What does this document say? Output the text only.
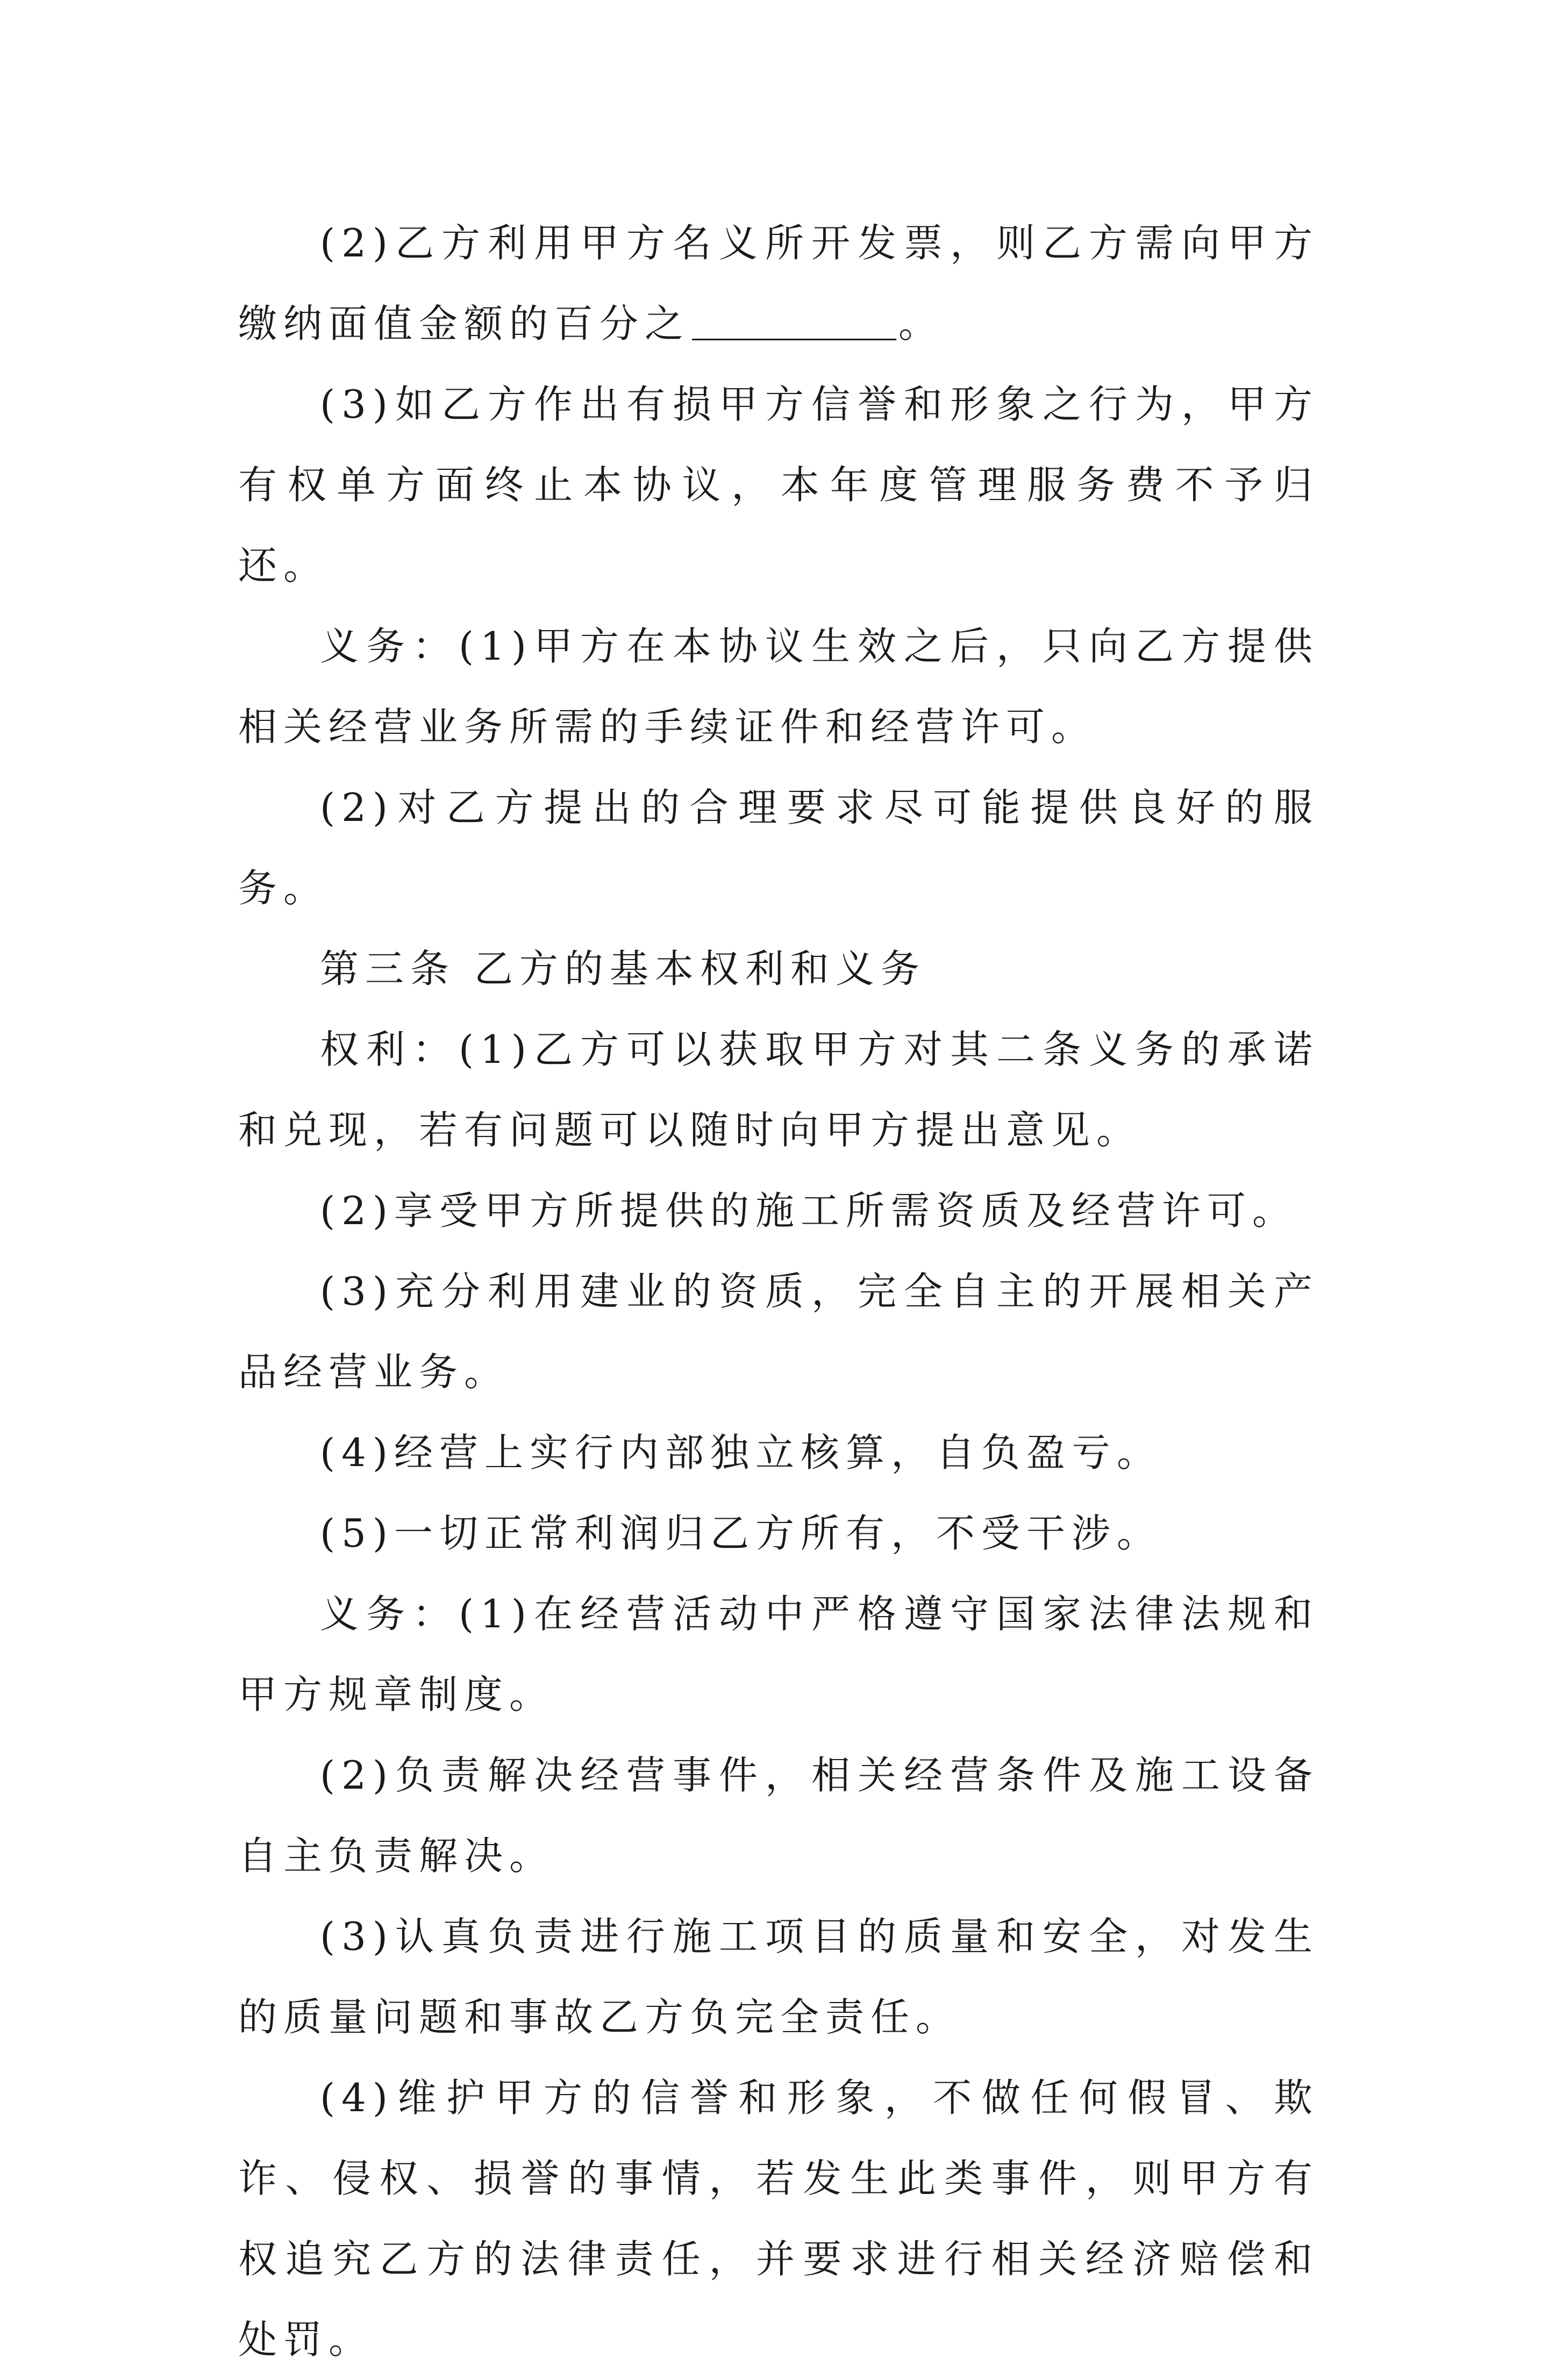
(2)乙方利用甲方名义所开发票，则乙方需向甲方缴纳面值金额的百分之	。

(3)如乙方作出有损甲方信誉和形象之行为，甲方有权单方面终止本协议，本年度管理服务费不予归还。

义务：(1)甲方在本协议生效之后，只向乙方提供相关经营业务所需的手续证件和经营许可。

(2)对乙方提出的合理要求尽可能提供良好的服务。

第三条 乙方的基本权利和义务

权利：(1)乙方可以获取甲方对其二条义务的承诺和兑现，若有问题可以随时向甲方提出意见。

(2)享受甲方所提供的施工所需资质及经营许可。

(3)充分利用建业的资质，完全自主的开展相关产品经营业务。

(4)经营上实行内部独立核算，自负盈亏。

(5)一切正常利润归乙方所有，不受干涉。

义务：(1)在经营活动中严格遵守国家法律法规和甲方规章制度。

(2)负责解决经营事件，相关经营条件及施工设备自主负责解决。

(3)认真负责进行施工项目的质量和安全，对发生的质量问题和事故乙方负完全责任。

(4)维护甲方的信誉和形象，不做任何假冒、欺诈、侵权、损誉的事情，若发生此类事件，则甲方有权追究乙方的法律责任，并要求进行相关经济赔偿和处罚。
